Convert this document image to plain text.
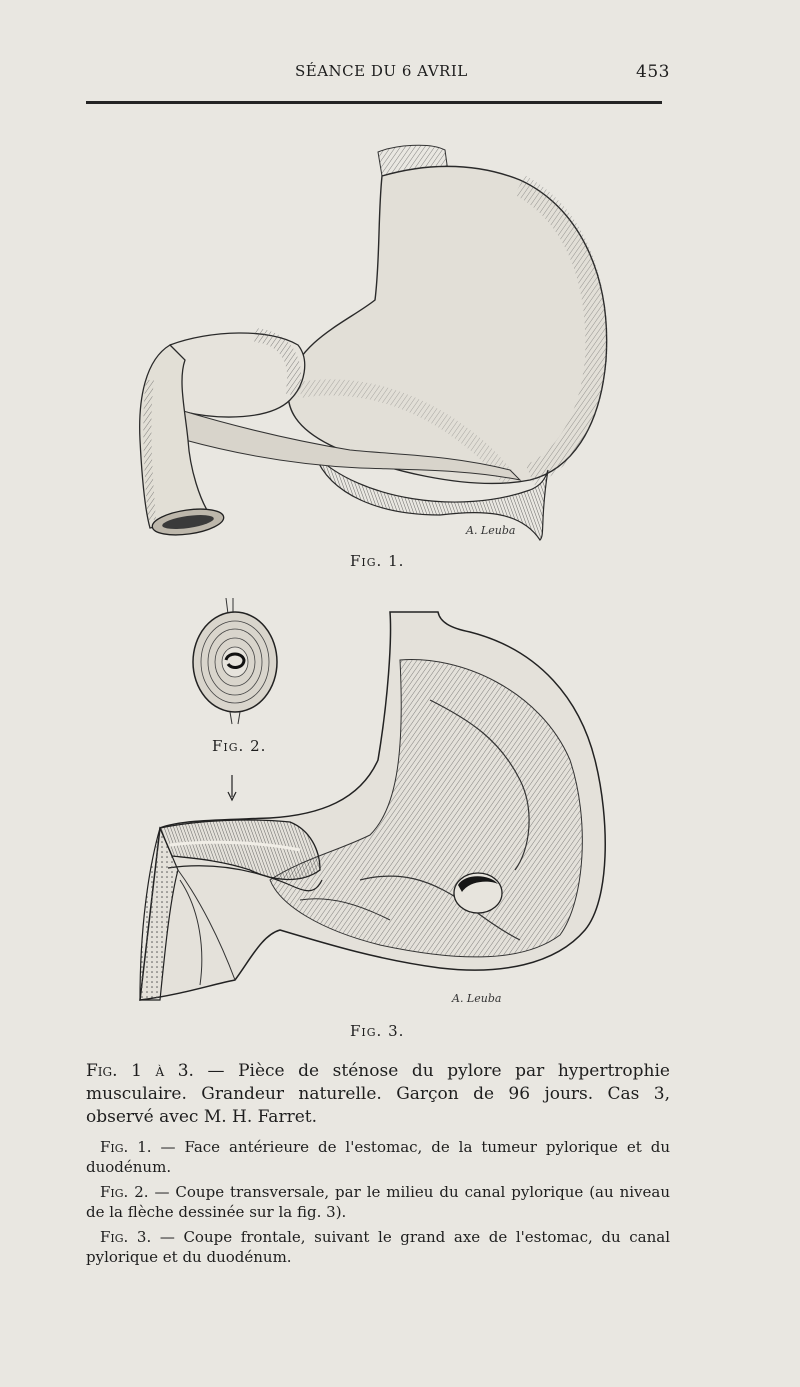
SÉANCE DU 6 AVRIL	453
A. Leuba
A. Leuba
Fig. 1.
Fig. 2.
Fig. 3.
Fig. 1 à 3. — Pièce de sténose du pylore par hypertrophie musculaire. Grandeur naturelle. Garçon de 96 jours. Cas 3, observé avec M. H. Farret.
Fig. 1. — Face antérieure de l'estomac, de la tumeur pylorique et du duodénum.
Fig. 2. — Coupe transversale, par le milieu du canal pylorique (au niveau de la flèche dessinée sur la fig. 3).
Fig. 3. — Coupe frontale, suivant le grand axe de l'estomac, du canal pylorique et du duodénum.
